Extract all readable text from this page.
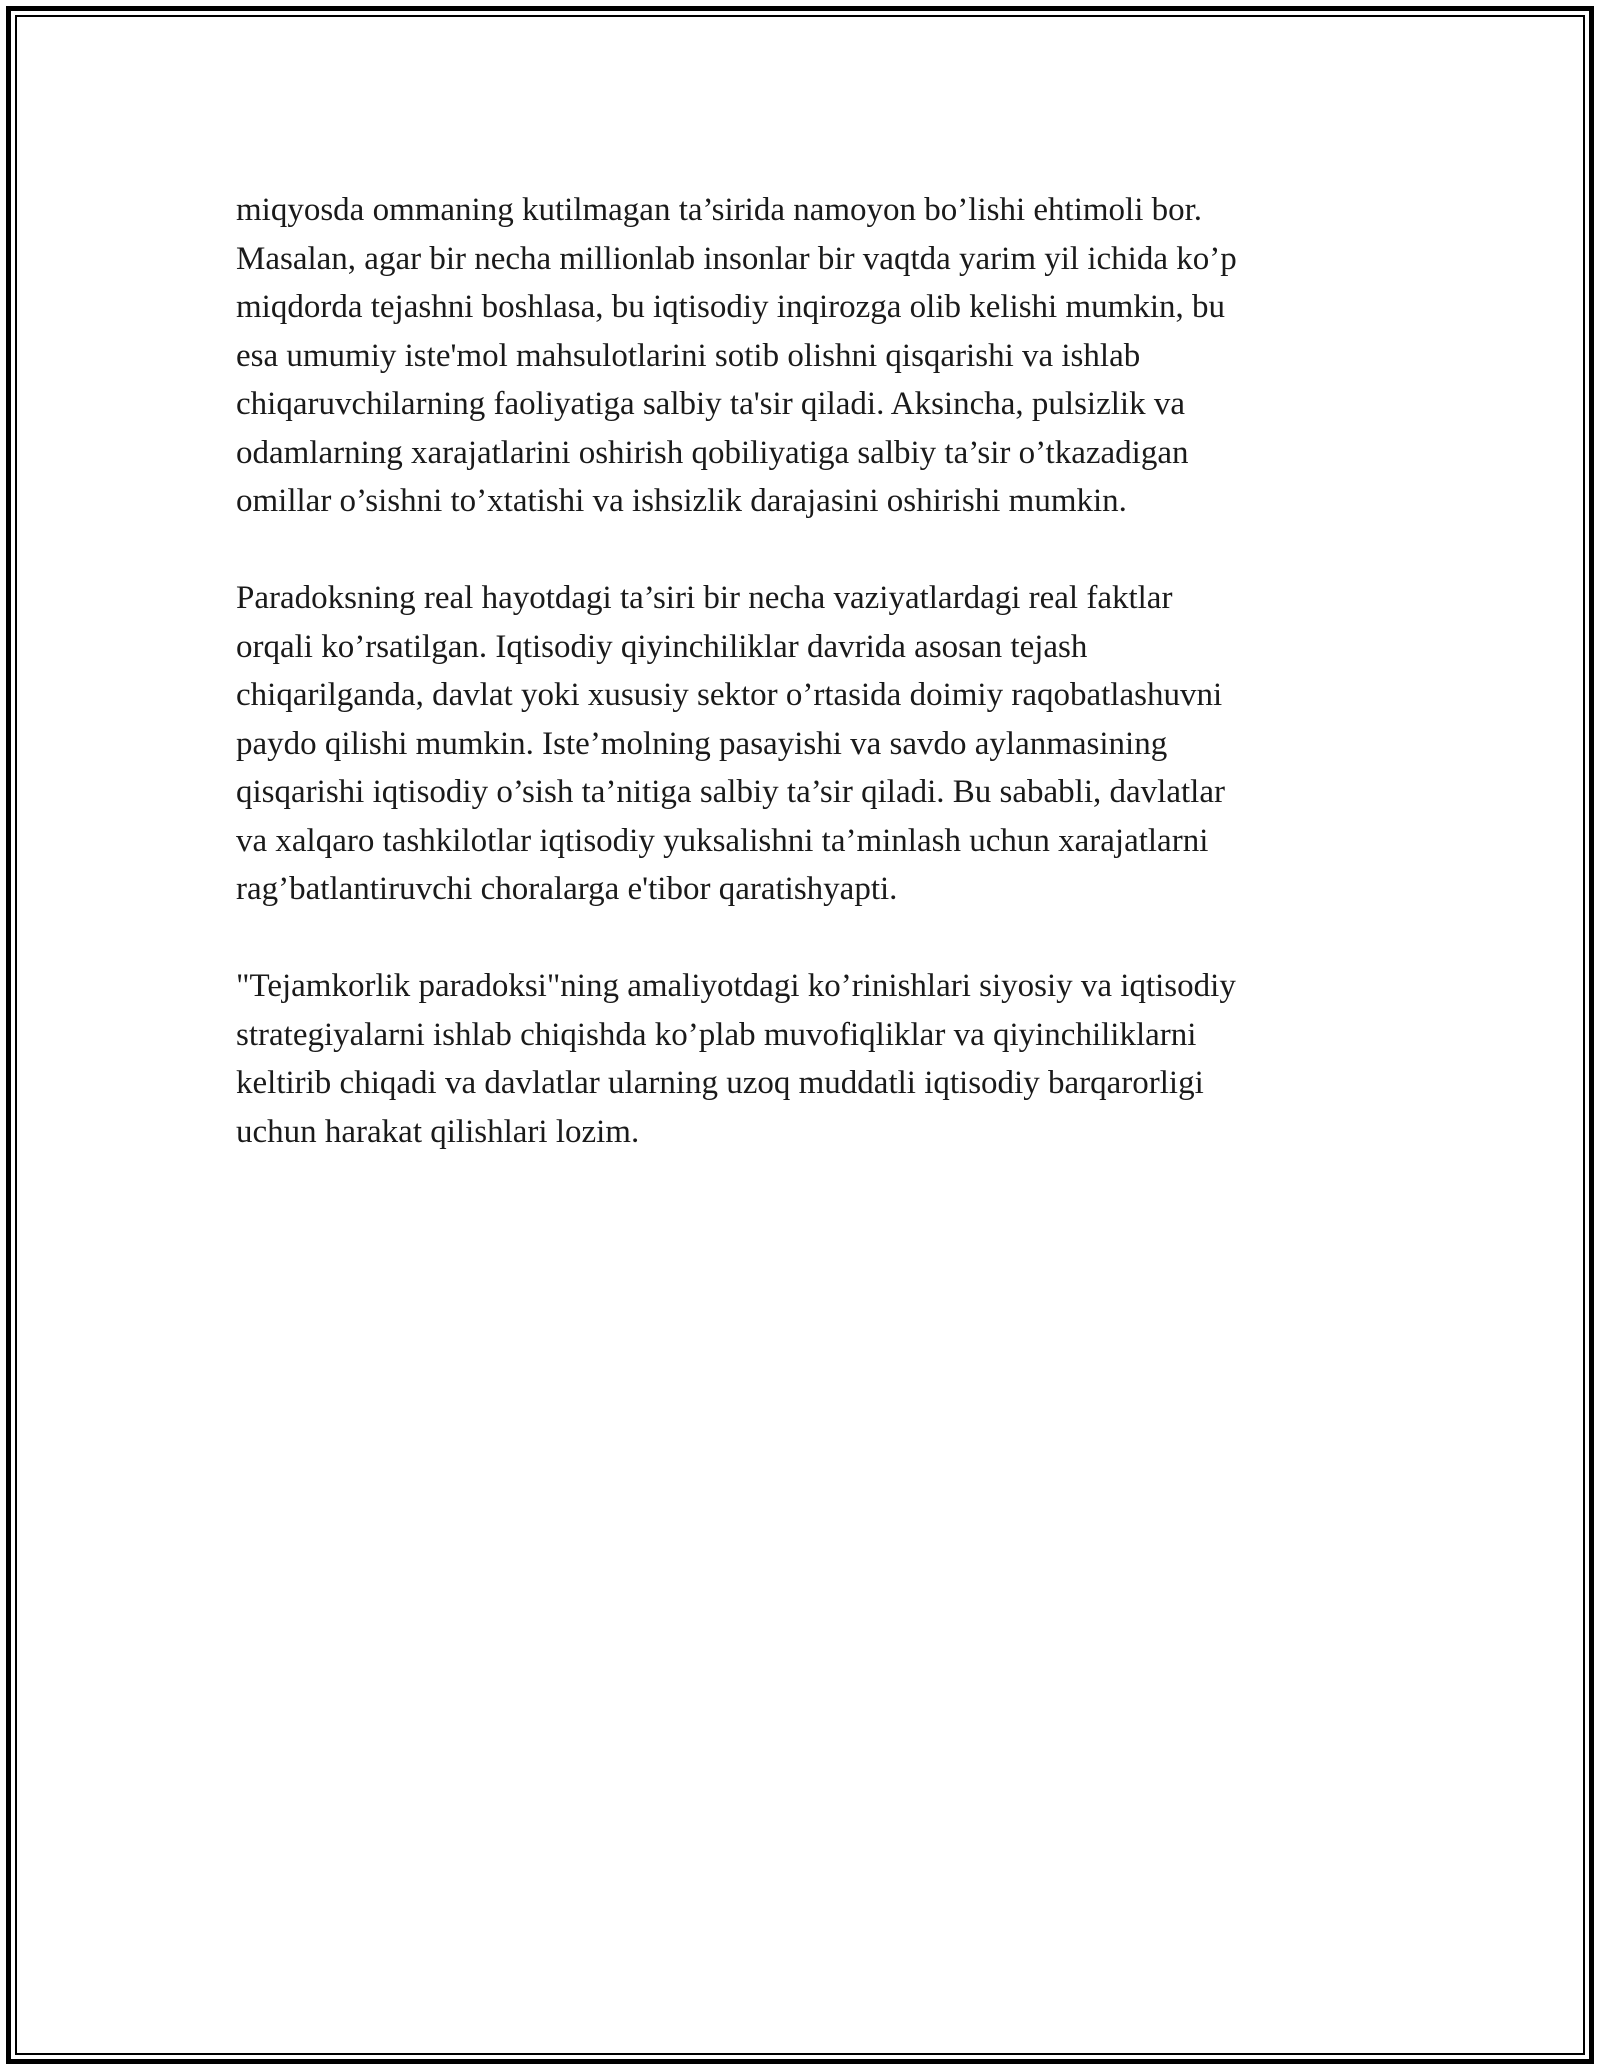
miqyosda ommaning kutilmagan ta’sirida namoyon bo’lishi ehtimoli bor.
Masalan, agar bir necha millionlab insonlar bir vaqtda yarim yil ichida ko’p
miqdorda tejashni boshlasa, bu iqtisodiy inqirozga olib kelishi mumkin, bu
esa umumiy iste'mol mahsulotlarini sotib olishni qisqarishi va ishlab
chiqaruvchilarning faoliyatiga salbiy ta'sir qiladi. Aksincha, pulsizlik va
odamlarning xarajatlarini oshirish qobiliyatiga salbiy ta’sir o’tkazadigan
omillar o’sishni to’xtatishi va ishsizlik darajasini oshirishi mumkin.

Paradoksning real hayotdagi ta’siri bir necha vaziyatlardagi real faktlar
orqali ko’rsatilgan. Iqtisodiy qiyinchiliklar davrida asosan tejash
chiqarilganda, davlat yoki xususiy sektor o’rtasida doimiy raqobatlashuvni
paydo qilishi mumkin. Iste’molning pasayishi va savdo aylanmasining
qisqarishi iqtisodiy o’sish ta’nitiga salbiy ta’sir qiladi. Bu sababli, davlatlar
va xalqaro tashkilotlar iqtisodiy yuksalishni ta’minlash uchun xarajatlarni
rag’batlantiruvchi choralarga e'tibor qaratishyapti.

"Tejamkorlik paradoksi"ning amaliyotdagi ko’rinishlari siyosiy va iqtisodiy
strategiyalarni ishlab chiqishda ko’plab muvofiqliklar va qiyinchiliklarni
keltirib chiqadi va davlatlar ularning uzoq muddatli iqtisodiy barqarorligi
uchun harakat qilishlari lozim.
